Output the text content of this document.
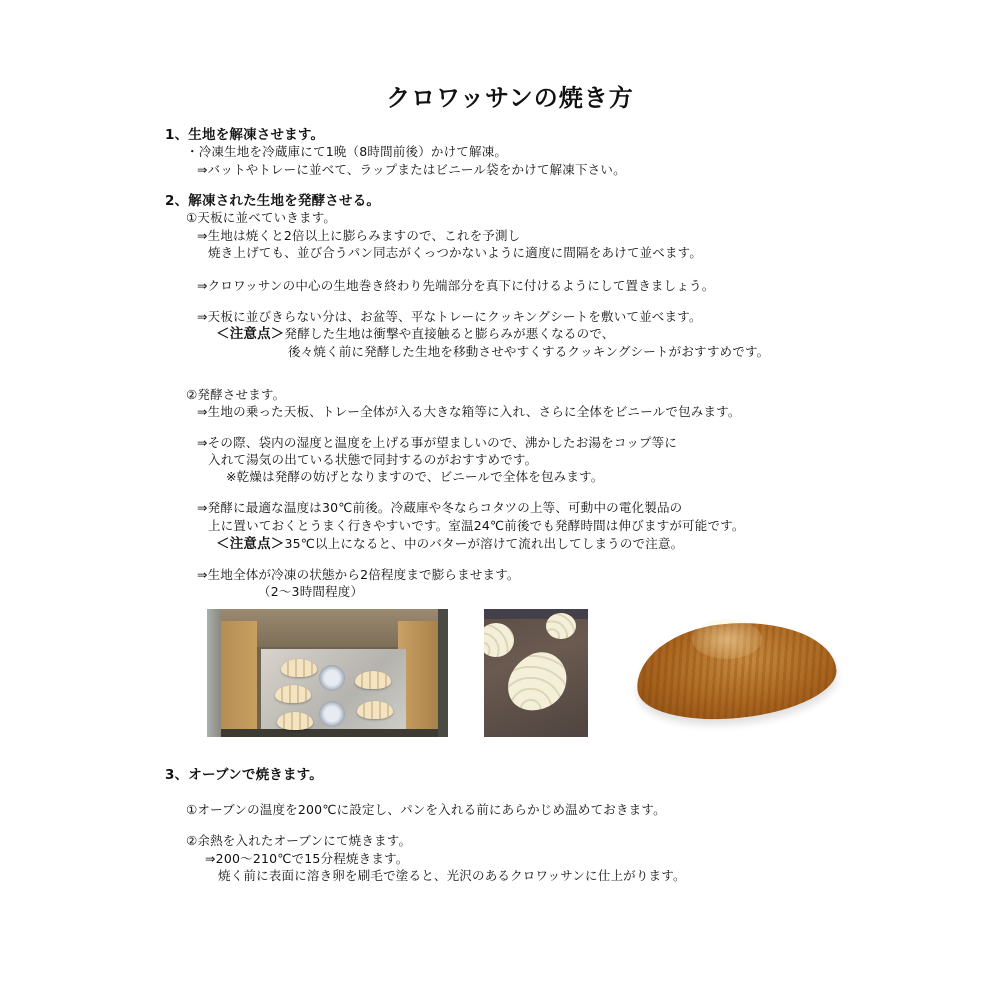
クロワッサンの焼き方
1、生地を解凍させます。
・冷凍生地を冷蔵庫にて1晩（8時間前後）かけて解凍。
⇒バットやトレーに並べて、ラップまたはビニール袋をかけて解凍下さい。
2、解凍された生地を発酵させる。
①天板に並べていきます。
⇒生地は焼くと2倍以上に膨らみますので、これを予測し
焼き上げても、並び合うパン同志がくっつかないように適度に間隔をあけて並べます。
⇒クロワッサンの中心の生地巻き終わり先端部分を真下に付けるようにして置きましょう。
⇒天板に並びきらない分は、お盆等、平なトレーにクッキングシートを敷いて並べます。
＜注意点＞発酵した生地は衝撃や直接触ると膨らみが悪くなるので、
後々焼く前に発酵した生地を移動させやすくするクッキングシートがおすすめです。
②発酵させます。
⇒生地の乗った天板、トレー全体が入る大きな箱等に入れ、さらに全体をビニールで包みます。
⇒その際、袋内の湿度と温度を上げる事が望ましいので、沸かしたお湯をコップ等に
入れて湯気の出ている状態で同封するのがおすすめです。
※乾燥は発酵の妨げとなりますので、ビニールで全体を包みます。
⇒発酵に最適な温度は30℃前後。冷蔵庫や冬ならコタツの上等、可動中の電化製品の
上に置いておくとうまく行きやすいです。室温24℃前後でも発酵時間は伸びますが可能です。
＜注意点＞35℃以上になると、中のバターが溶けて流れ出してしまうので注意。
⇒生地全体が冷凍の状態から2倍程度まで膨らませます。
（2～3時間程度）
3、オーブンで焼きます。
①オーブンの温度を200℃に設定し、パンを入れる前にあらかじめ温めておきます。
②余熱を入れたオーブンにて焼きます。
⇒200～210℃で15分程焼きます。
焼く前に表面に溶き卵を刷毛で塗ると、光沢のあるクロワッサンに仕上がります。
